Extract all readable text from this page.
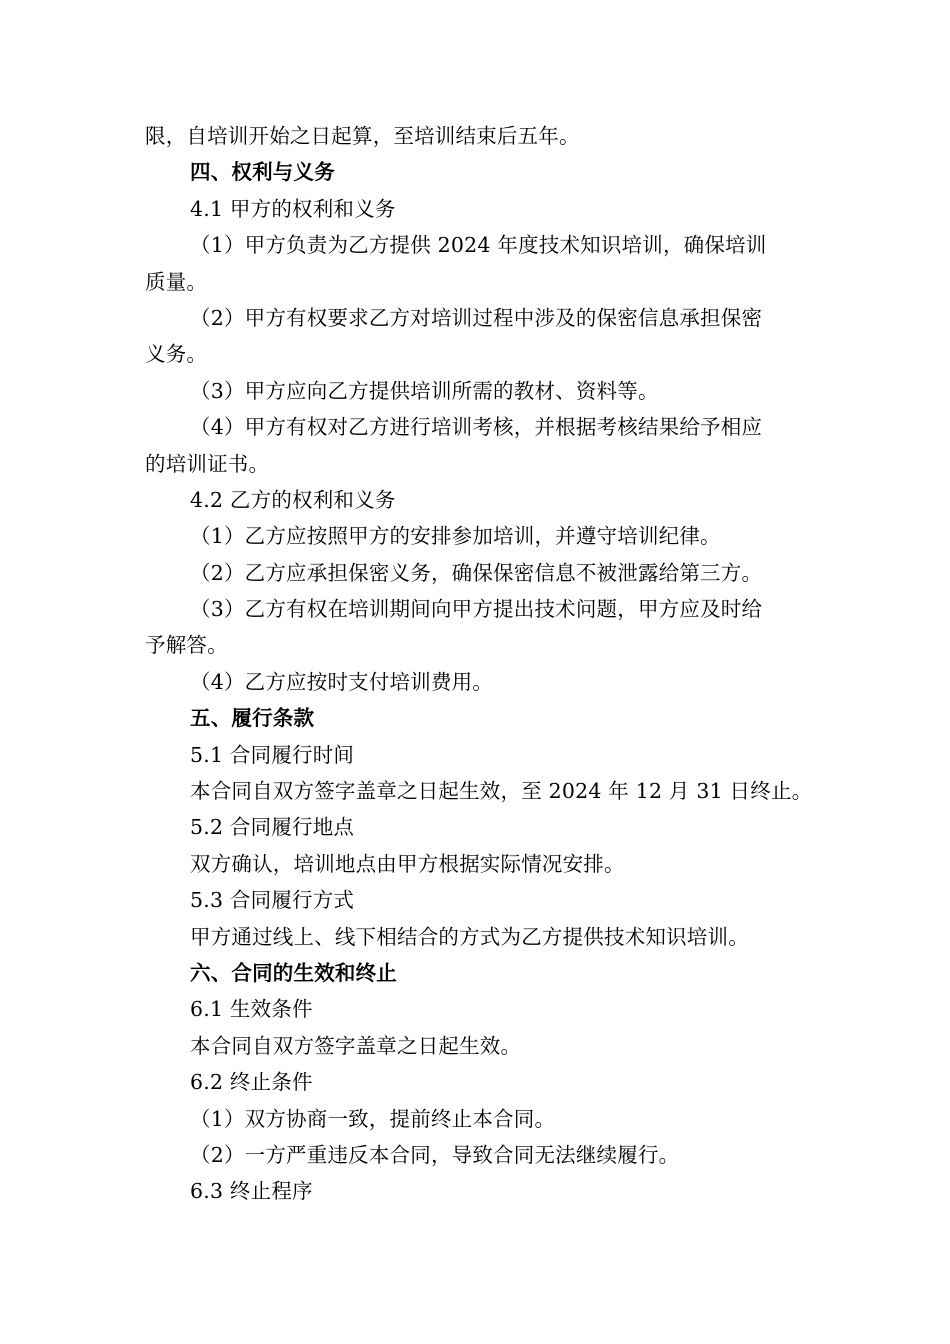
限，自培训开始之日起算，至培训结束后五年。
四、权利与义务
4.1 甲方的权利和义务
（1）甲方负责为乙方提供 2024 年度技术知识培训，确保培训
质量。
（2）甲方有权要求乙方对培训过程中涉及的保密信息承担保密
义务。
（3）甲方应向乙方提供培训所需的教材、资料等。
（4）甲方有权对乙方进行培训考核，并根据考核结果给予相应
的培训证书。
4.2 乙方的权利和义务
（1）乙方应按照甲方的安排参加培训，并遵守培训纪律。
（2）乙方应承担保密义务，确保保密信息不被泄露给第三方。
（3）乙方有权在培训期间向甲方提出技术问题，甲方应及时给
予解答。
（4）乙方应按时支付培训费用。
五、履行条款
5.1 合同履行时间
本合同自双方签字盖章之日起生效，至 2024 年 12 月 31 日终止。
5.2 合同履行地点
双方确认，培训地点由甲方根据实际情况安排。
5.3 合同履行方式
甲方通过线上、线下相结合的方式为乙方提供技术知识培训。
六、合同的生效和终止
6.1 生效条件
本合同自双方签字盖章之日起生效。
6.2 终止条件
（1）双方协商一致，提前终止本合同。
（2）一方严重违反本合同，导致合同无法继续履行。
6.3 终止程序
